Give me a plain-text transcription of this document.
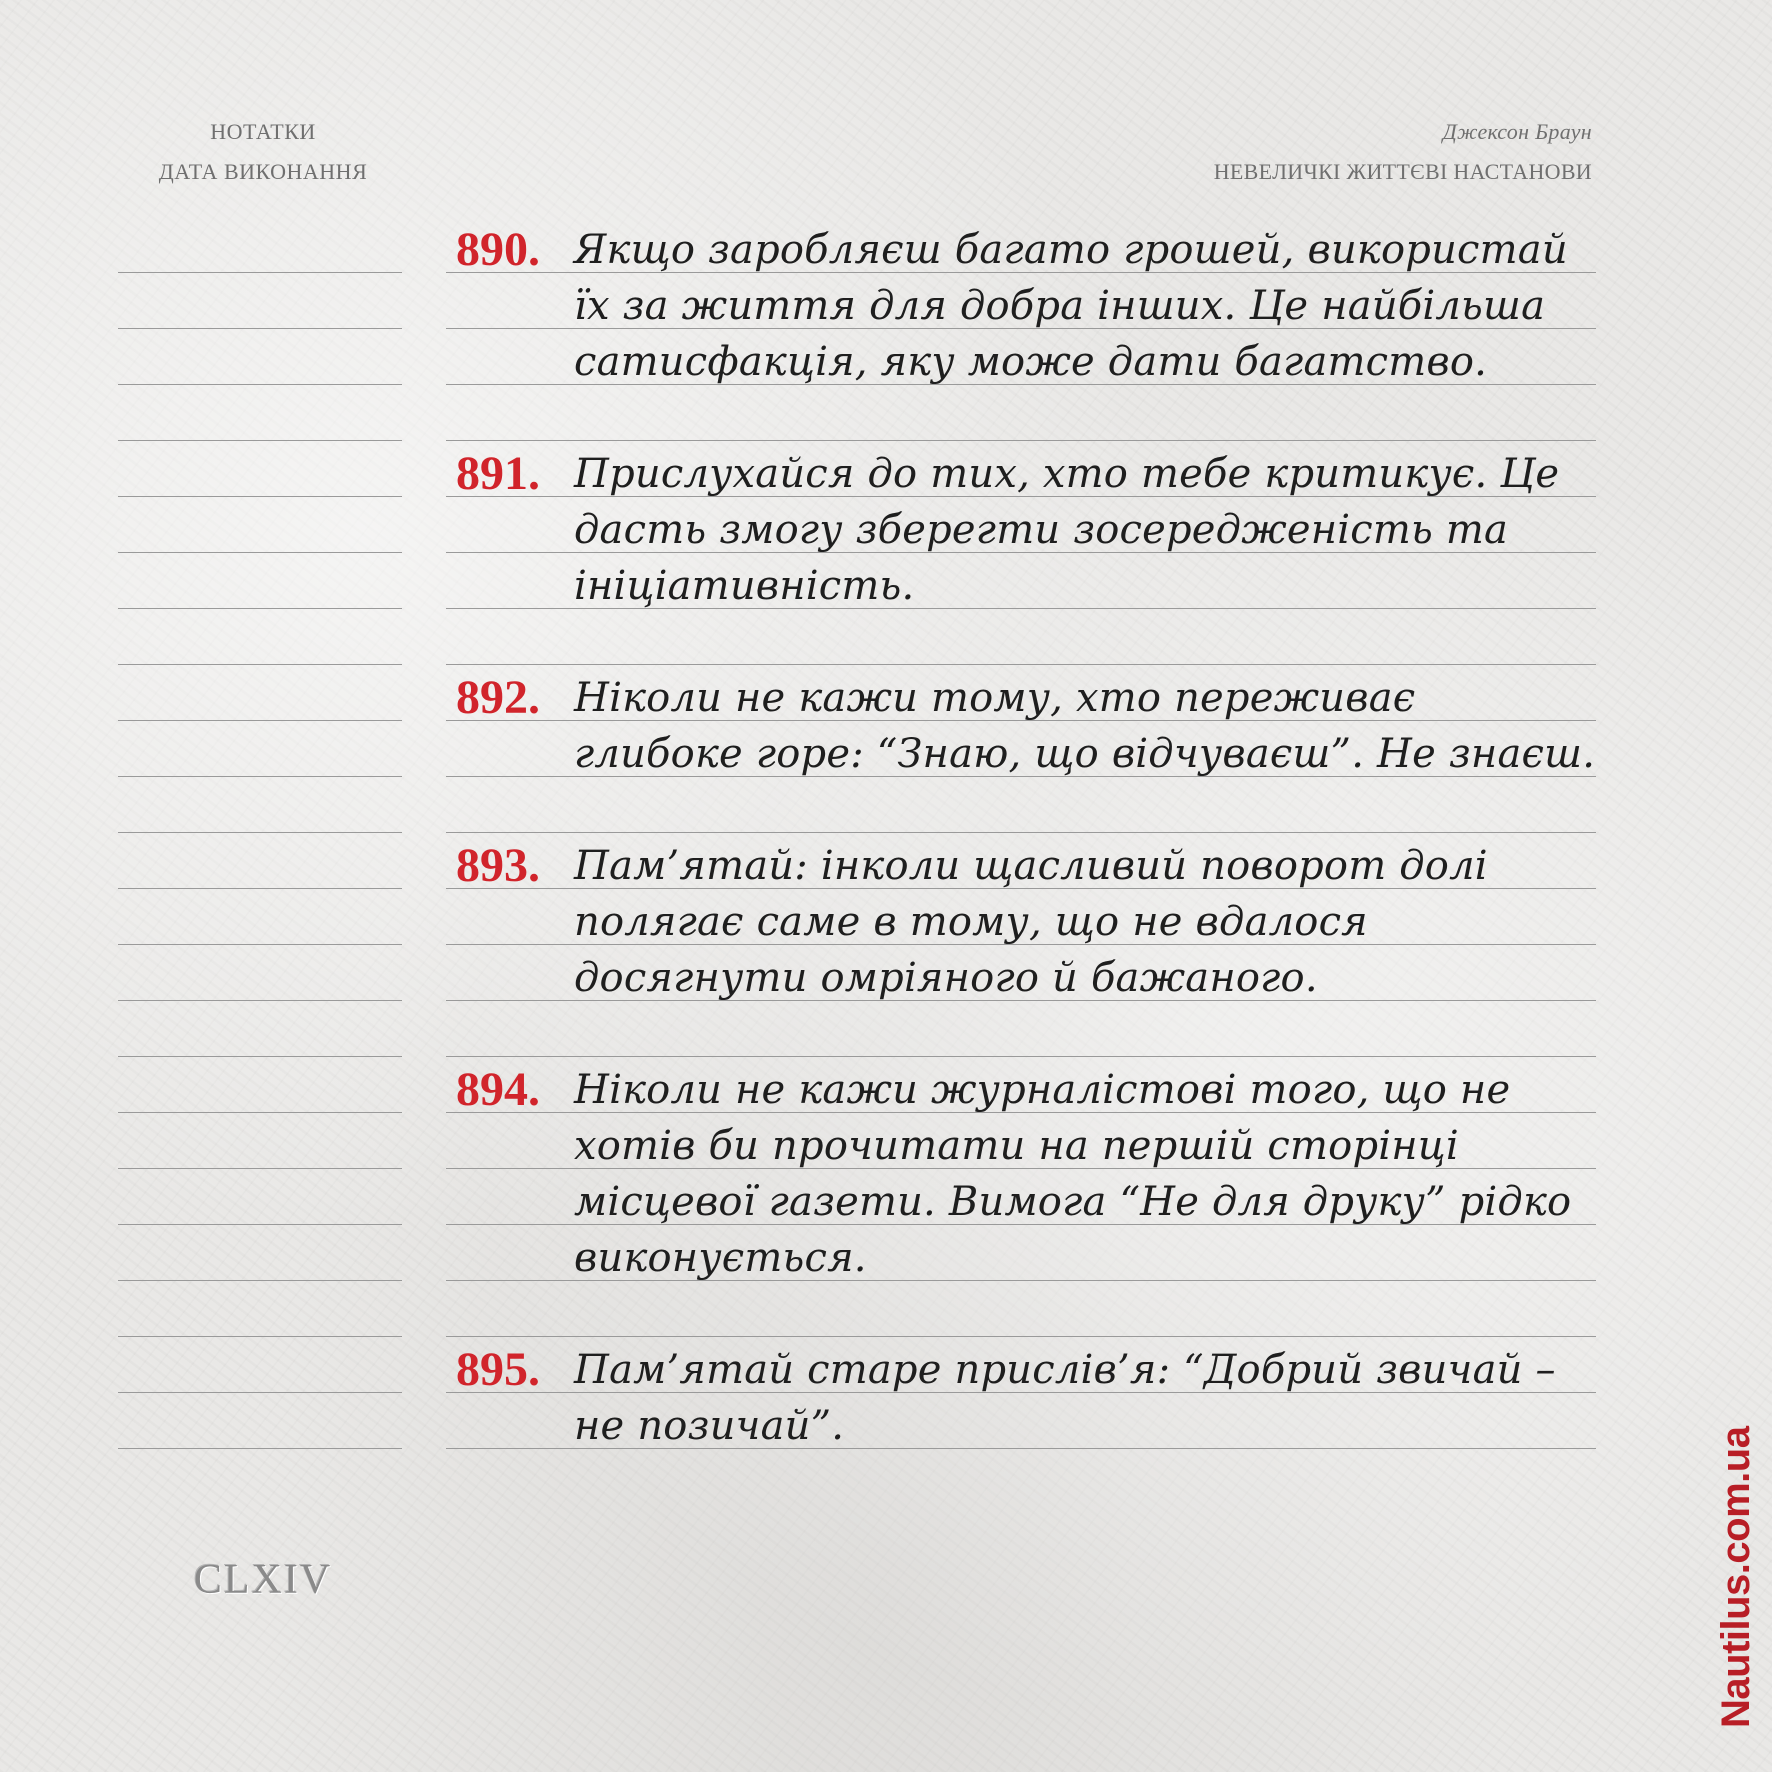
НОТАТКИ
ДАТА ВИКОНАННЯ
Джексон Браун
НЕВЕЛИЧКІ ЖИТТЄВІ НАСТАНОВИ
890. Якщо заробляєш багато грошей, використай
їх за життя для добра інших. Це найбільша
сатисфакція, яку може дати багатство.
891. Прислухайся до тих, хто тебе критикує. Це
дасть змогу зберегти зосередженість та
ініціативність.
892. Ніколи не кажи тому, хто переживає
глибоке горе: “Знаю, що відчуваєш”. Не знаєш.
893. Пам’ятай: інколи щасливий поворот долі
полягає саме в тому, що не вдалося
досягнути омріяного й бажаного.
894. Ніколи не кажи журналістові того, що не
хотів би прочитати на першій сторінці
місцевої газети. Вимога “Не для друку” рідко
виконується.
895. Пам’ятай старе прислів’я: “Добрий звичай –
не позичай”.
CLXIV	Nautilus.com.ua
